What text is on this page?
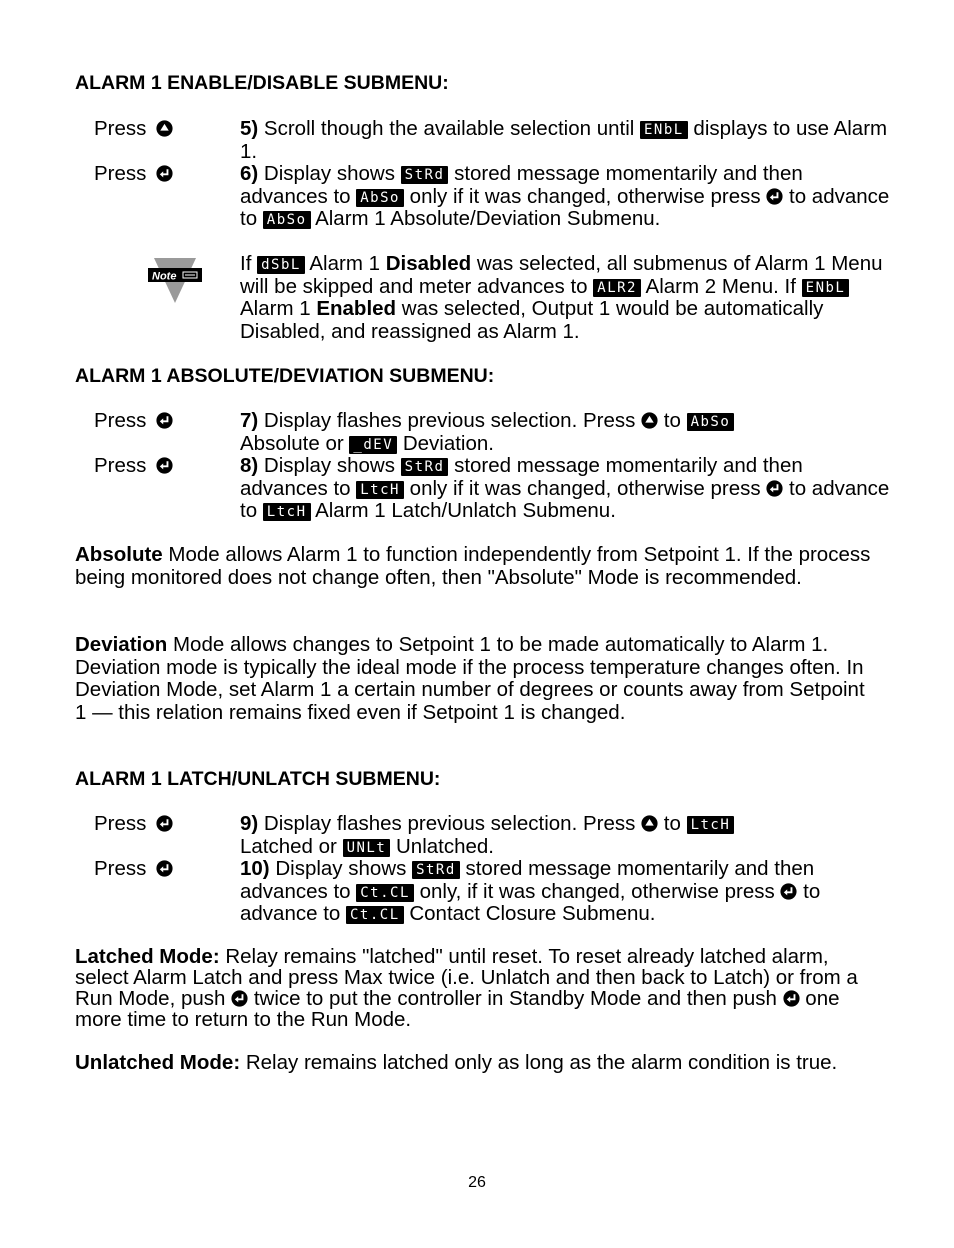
ALARM 1 ENABLE/DISABLE SUBMENU:
Press	5) Scroll though the available selection until ENbL displays to use Alarm 1.
Press	6) Display shows StRd stored message momentarily and then advances to AbSo only if it was changed, otherwise press  to advance to AbSo Alarm 1 Absolute/Deviation Submenu.
Note
If dSbL Alarm 1 Disabled was selected, all submenus of Alarm 1 Menu will be skipped and meter advances to ALR2 Alarm 2 Menu. If ENbL Alarm 1 Enabled was selected, Output 1 would be automatically Disabled, and reassigned as Alarm 1.
ALARM 1 ABSOLUTE/DEVIATION SUBMENU:
Press	7) Display flashes previous selection. Press  to AbSo
Absolute or _dEV Deviation.
Press	8) Display shows StRd stored message momentarily and then advances to LtcH only if it was changed, otherwise press  to advance to LtcH Alarm 1 Latch/Unlatch Submenu.
Absolute Mode allows Alarm 1 to function independently from Setpoint 1. If the process being monitored does not change often, then "Absolute" Mode is recommended.
Deviation Mode allows changes to Setpoint 1 to be made automatically to Alarm 1. Deviation mode is typically the ideal mode if the process temperature changes often. In Deviation Mode, set Alarm 1 a certain number of degrees or counts away from Setpoint 1 — this relation remains fixed even if Setpoint 1 is changed.
ALARM 1 LATCH/UNLATCH SUBMENU:
Press	9) Display flashes previous selection. Press  to LtcH
Latched or UNLt Unlatched.
Press	10) Display shows StRd stored message momentarily and then advances to Ct.CL only, if it was changed, otherwise press  to advance to Ct.CL Contact Closure Submenu.
Latched Mode: Relay remains "latched" until reset. To reset already latched alarm, select Alarm Latch and press Max twice (i.e. Unlatch and then back to Latch) or from a Run Mode, push  twice to put the controller in Standby Mode and then push  one more time to return to the Run Mode.
Unlatched Mode: Relay remains latched only as long as the alarm condition is true.
26
